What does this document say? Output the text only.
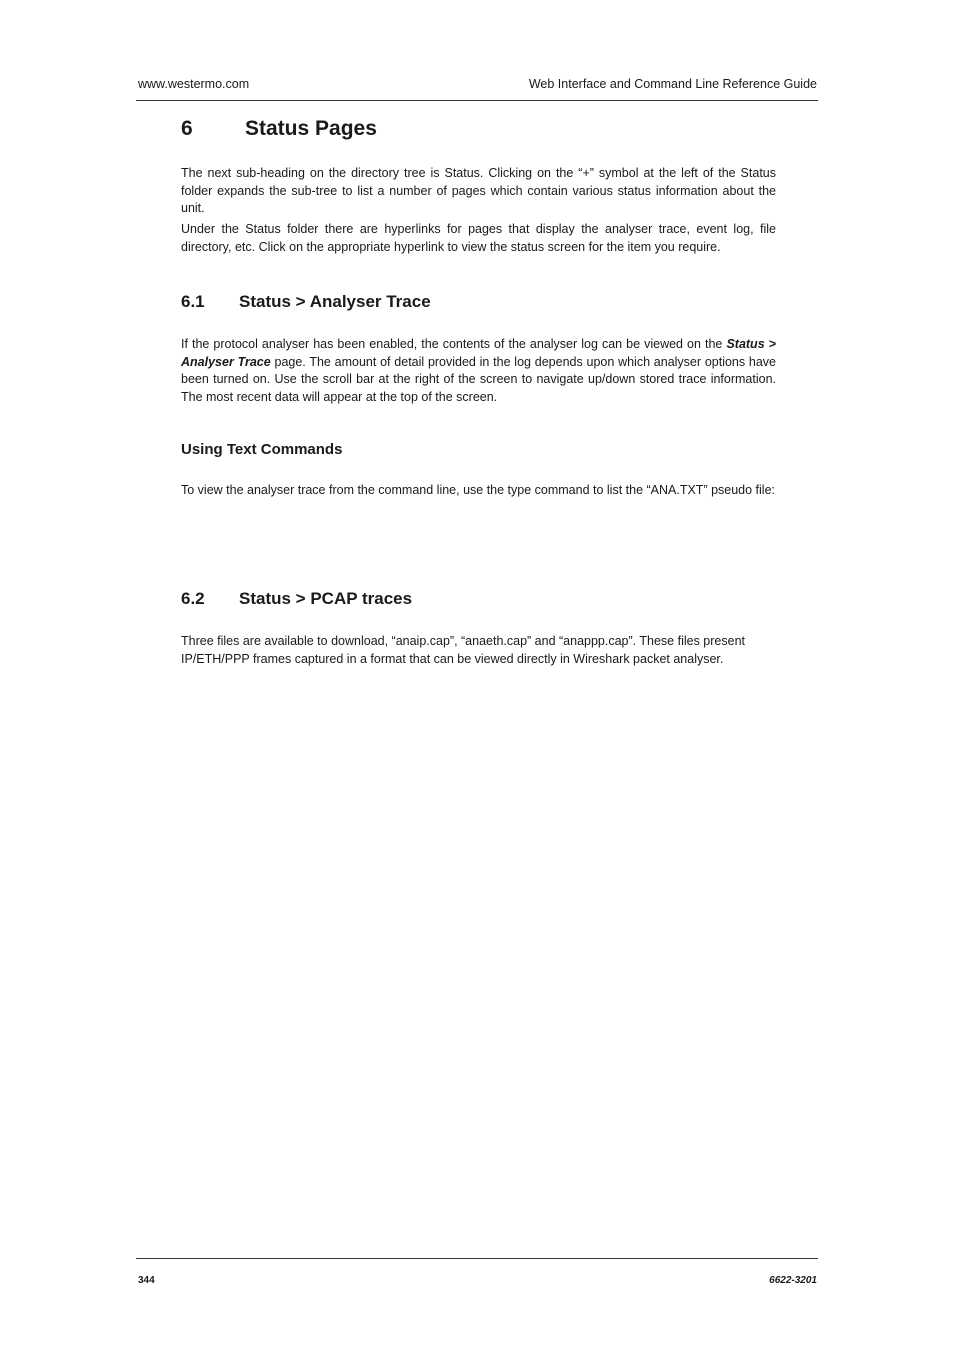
www.westermo.com	Web Interface and Command Line Reference Guide
6 Status Pages

The next sub-heading on the directory tree is Status. Clicking on the “+” symbol at the left of the Status folder expands the sub-tree to list a number of pages which contain various status information about the unit.

Under the Status folder there are hyperlinks for pages that display the analyser trace, event log, file directory, etc. Click on the appropriate hyperlink to view the status screen for the item you require.

6.1 Status > Analyser Trace

If the protocol analyser has been enabled, the contents of the analyser log can be viewed on the Status > Analyser Trace page. The amount of detail provided in the log depends upon which analyser options have been turned on. Use the scroll bar at the right of the screen to navigate up/down stored trace information. The most recent data will appear at the top of the screen.

Using Text Commands

To view the analyser trace from the command line, use the type command to list the “ANA.TXT” pseudo file:

6.2 Status > PCAP traces

Three files are available to download, “anaip.cap”, “anaeth.cap” and “anappp.cap”. These files present IP/ETH/PPP frames captured in a format that can be viewed directly in Wireshark packet analyser.

344	6622-3201
